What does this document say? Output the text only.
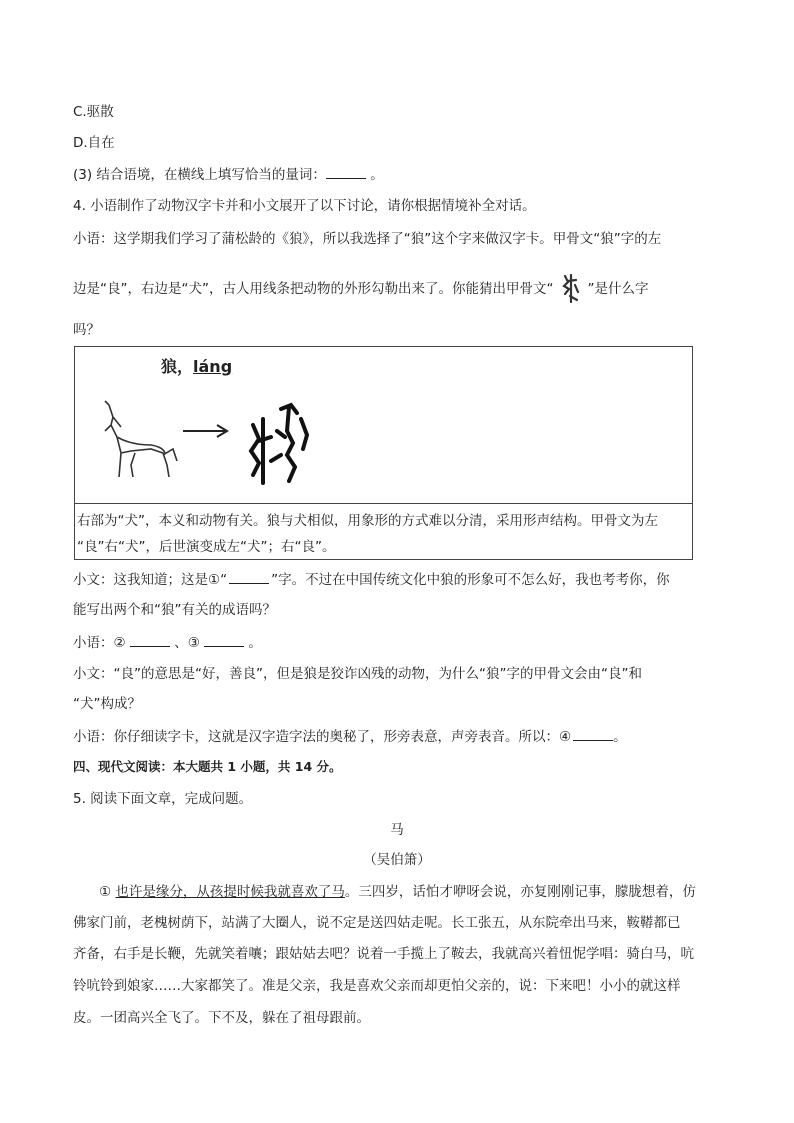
C.驱散
D.自在
(3) 结合语境，在横线上填写恰当的量词：	。
4. 小语制作了动物汉字卡并和小文展开了以下讨论，请你根据情境补全对话。
小语：这学期我们学习了蒲松龄的《狼》，所以我选择了“狼”这个字来做汉字卡。甲骨文“狼”字的左
边是“良”，右边是“犬”，古人用线条把动物的外形勾勒出来了。你能猜出甲骨文“	”是什么字
吗？
狼，láng
右部为“犬”，本义和动物有关。狼与犬相似，用象形的方式难以分清，采用形声结构。甲骨文为左
“良”右“犬”，后世演变成左“犬”；右“良”。
小文：这我知道；这是①“	”字。不过在中国传统文化中狼的形象可不怎么好，我也考考你，你
能写出两个和“狼”有关的成语吗？
小语：②	、③	。
小文：“良”的意思是“好，善良”，但是狼是狡诈凶残的动物，为什么“狼”字的甲骨文会由“良”和
“犬”构成？
小语：你仔细读字卡，这就是汉字造字法的奥秘了，形旁表意，声旁表音。所以：④	。
四、现代文阅读：本大题共 1 小题，共 14 分。
5. 阅读下面文章，完成问题。
马
（吴伯箫）
① 也许是缘分，从孩提时候我就喜欢了马。三四岁，话怕才咿呀会说，亦复刚刚记事，朦胧想着，仿
佛家门前，老槐树荫下，站满了大圈人，说不定是送四姑走呢。长工张五，从东院牵出马来，鞍鞯都已
齐备，右手是长鞭，先就笑着嚷；跟姑姑去吧？说着一手揽上了鞍去，我就高兴着忸怩学唱：骑白马，吭
铃吭铃到娘家……大家都笑了。准是父亲，我是喜欢父亲而却更怕父亲的，说：下来吧！小小的就这样
皮。一团高兴全飞了。下不及，躲在了祖母跟前。
